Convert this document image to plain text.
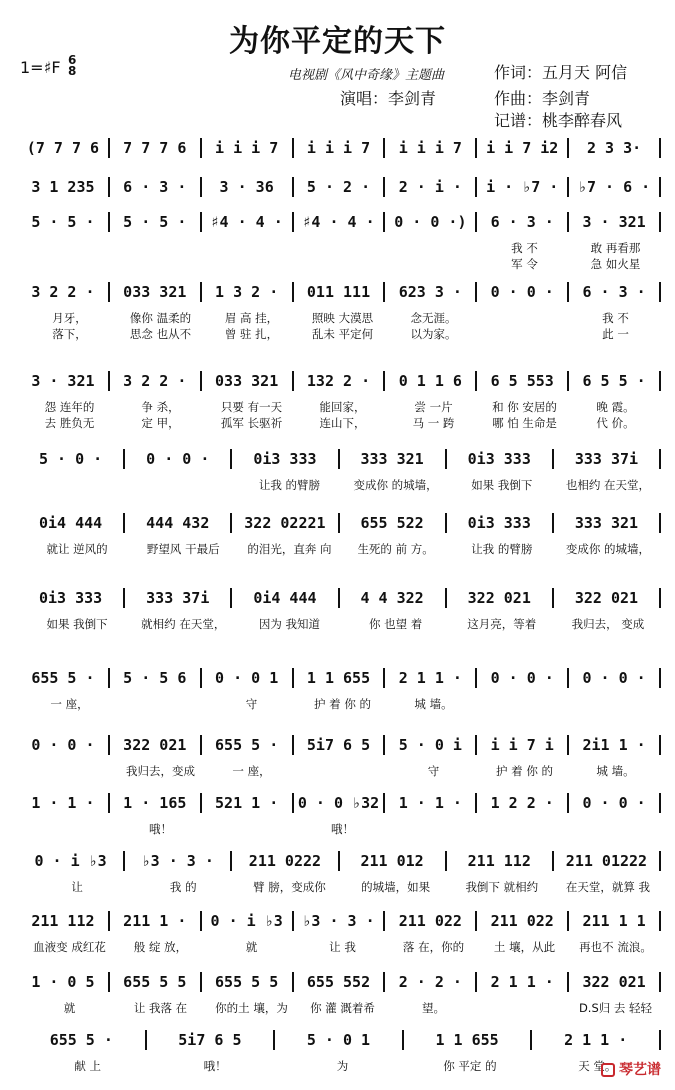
为你平定的天下
1=♯F 6
8	电视剧《风中奇缘》主题曲	作词：五月天 阿信
演唱：李剑青	作曲：李剑青
记谱：桃李醉春风
(7 7 7 6	7 7 7 6	i i i 7	i i i 7	i i i 7	i i 7 i2	2 3 3·
3 1 235	6 · 3 ·	3 · 36	5 · 2 ·	2 · i ·	i · ♭7 ·	♭7 · 6 ·
5 · 5 ·	5 · 5 ·	♯4 · 4 ·	♯4 · 4 ·	0 · 0 ·)	6 · 3 ·	3 · 321
我 不	敢 再看那
军 令	急 如火星
3 2 2 ·	033 321	1 3 2 ·	011 111	623 3 ·	0 · 0 ·	6 · 3 ·
月牙，	像你 温柔的	眉 高 挂，	照映 大漠思	念无涯。	我 不
落下，	思念 也从不	曾 驻 扎，	乱未 平定何	以为家。	此 一
3 · 321	3 2 2 ·	033 321	132 2 ·	0 1 1 6	6 5 553	6 5 5 ·
怨 连年的	争 杀，	只要 有一天	能回家，	尝 一片	和 你 安居的	晚 霞。
去 胜负无	定 甲，	孤军 长驱祈	连山下，	马 一 跨	哪 怕 生命是	代 价。
5 · 0 ·	0 · 0 ·	0i3 333	333 321	0i3 333	333 37i
让我 的臂膀	变成你 的城墙，	如果 我倒下	也相约 在天堂，
0i4 444	444 432	322 02221	655 522	0i3 333	333 321
就让 逆风的	野望风 干最后	的泪光，直奔 向	生死的 前 方。	让我 的臂膀	变成你 的城墙，
0i3 333	333 37i	0i4 444	4 4 322	322 021	322 021
如果 我倒下	就相约 在天堂，	因为 我知道	你 也望 着	这月亮，等着	我归去， 变成
655 5 ·	5 · 5 6	0 · 0 1	1 1 655	2 1 1 ·	0 · 0 ·	0 · 0 ·
一 座，	守	护 着 你 的	城 墙。
0 · 0 ·	322 021	655 5 ·	5i7 6 5	5 · 0 i	i i 7 i	2i1 1 ·
我归去，变成	一 座，	守	护 着 你 的	城 墙。
1 · 1 ·	1 · 165	521 1 ·	0 · 0 ♭32	1 · 1 ·	1 2 2 ·	0 · 0 ·
哦！	哦！
0 · i ♭3	♭3 · 3 ·	211 0222	211 012	211 112	211 01222
让	我 的	臂 膀，变成你	的城墙，如果	我倒下 就相约	在天堂，就算 我
211 112	211 1 ·	0 · i ♭3	♭3 · 3 ·	211 022	211 022	211 1 1
血液变 成红花	般 绽 放，	就	让 我	落 在，你的	土 壤，从此	再也不 流浪。
1 · 0 5	655 5 5	655 5 5	655 552	2 · 2 ·	2 1 1 ·	322 021
就	让 我落 在	你的土 壤，为	你 灌 溉着希	望。	D.S归 去 轻轻
655 5 ·	5i7 6 5	5 · 0 1	1 1 655	2 1 1 ·
献 上	哦！	为	你 平定 的	天 堂。 琴艺谱
